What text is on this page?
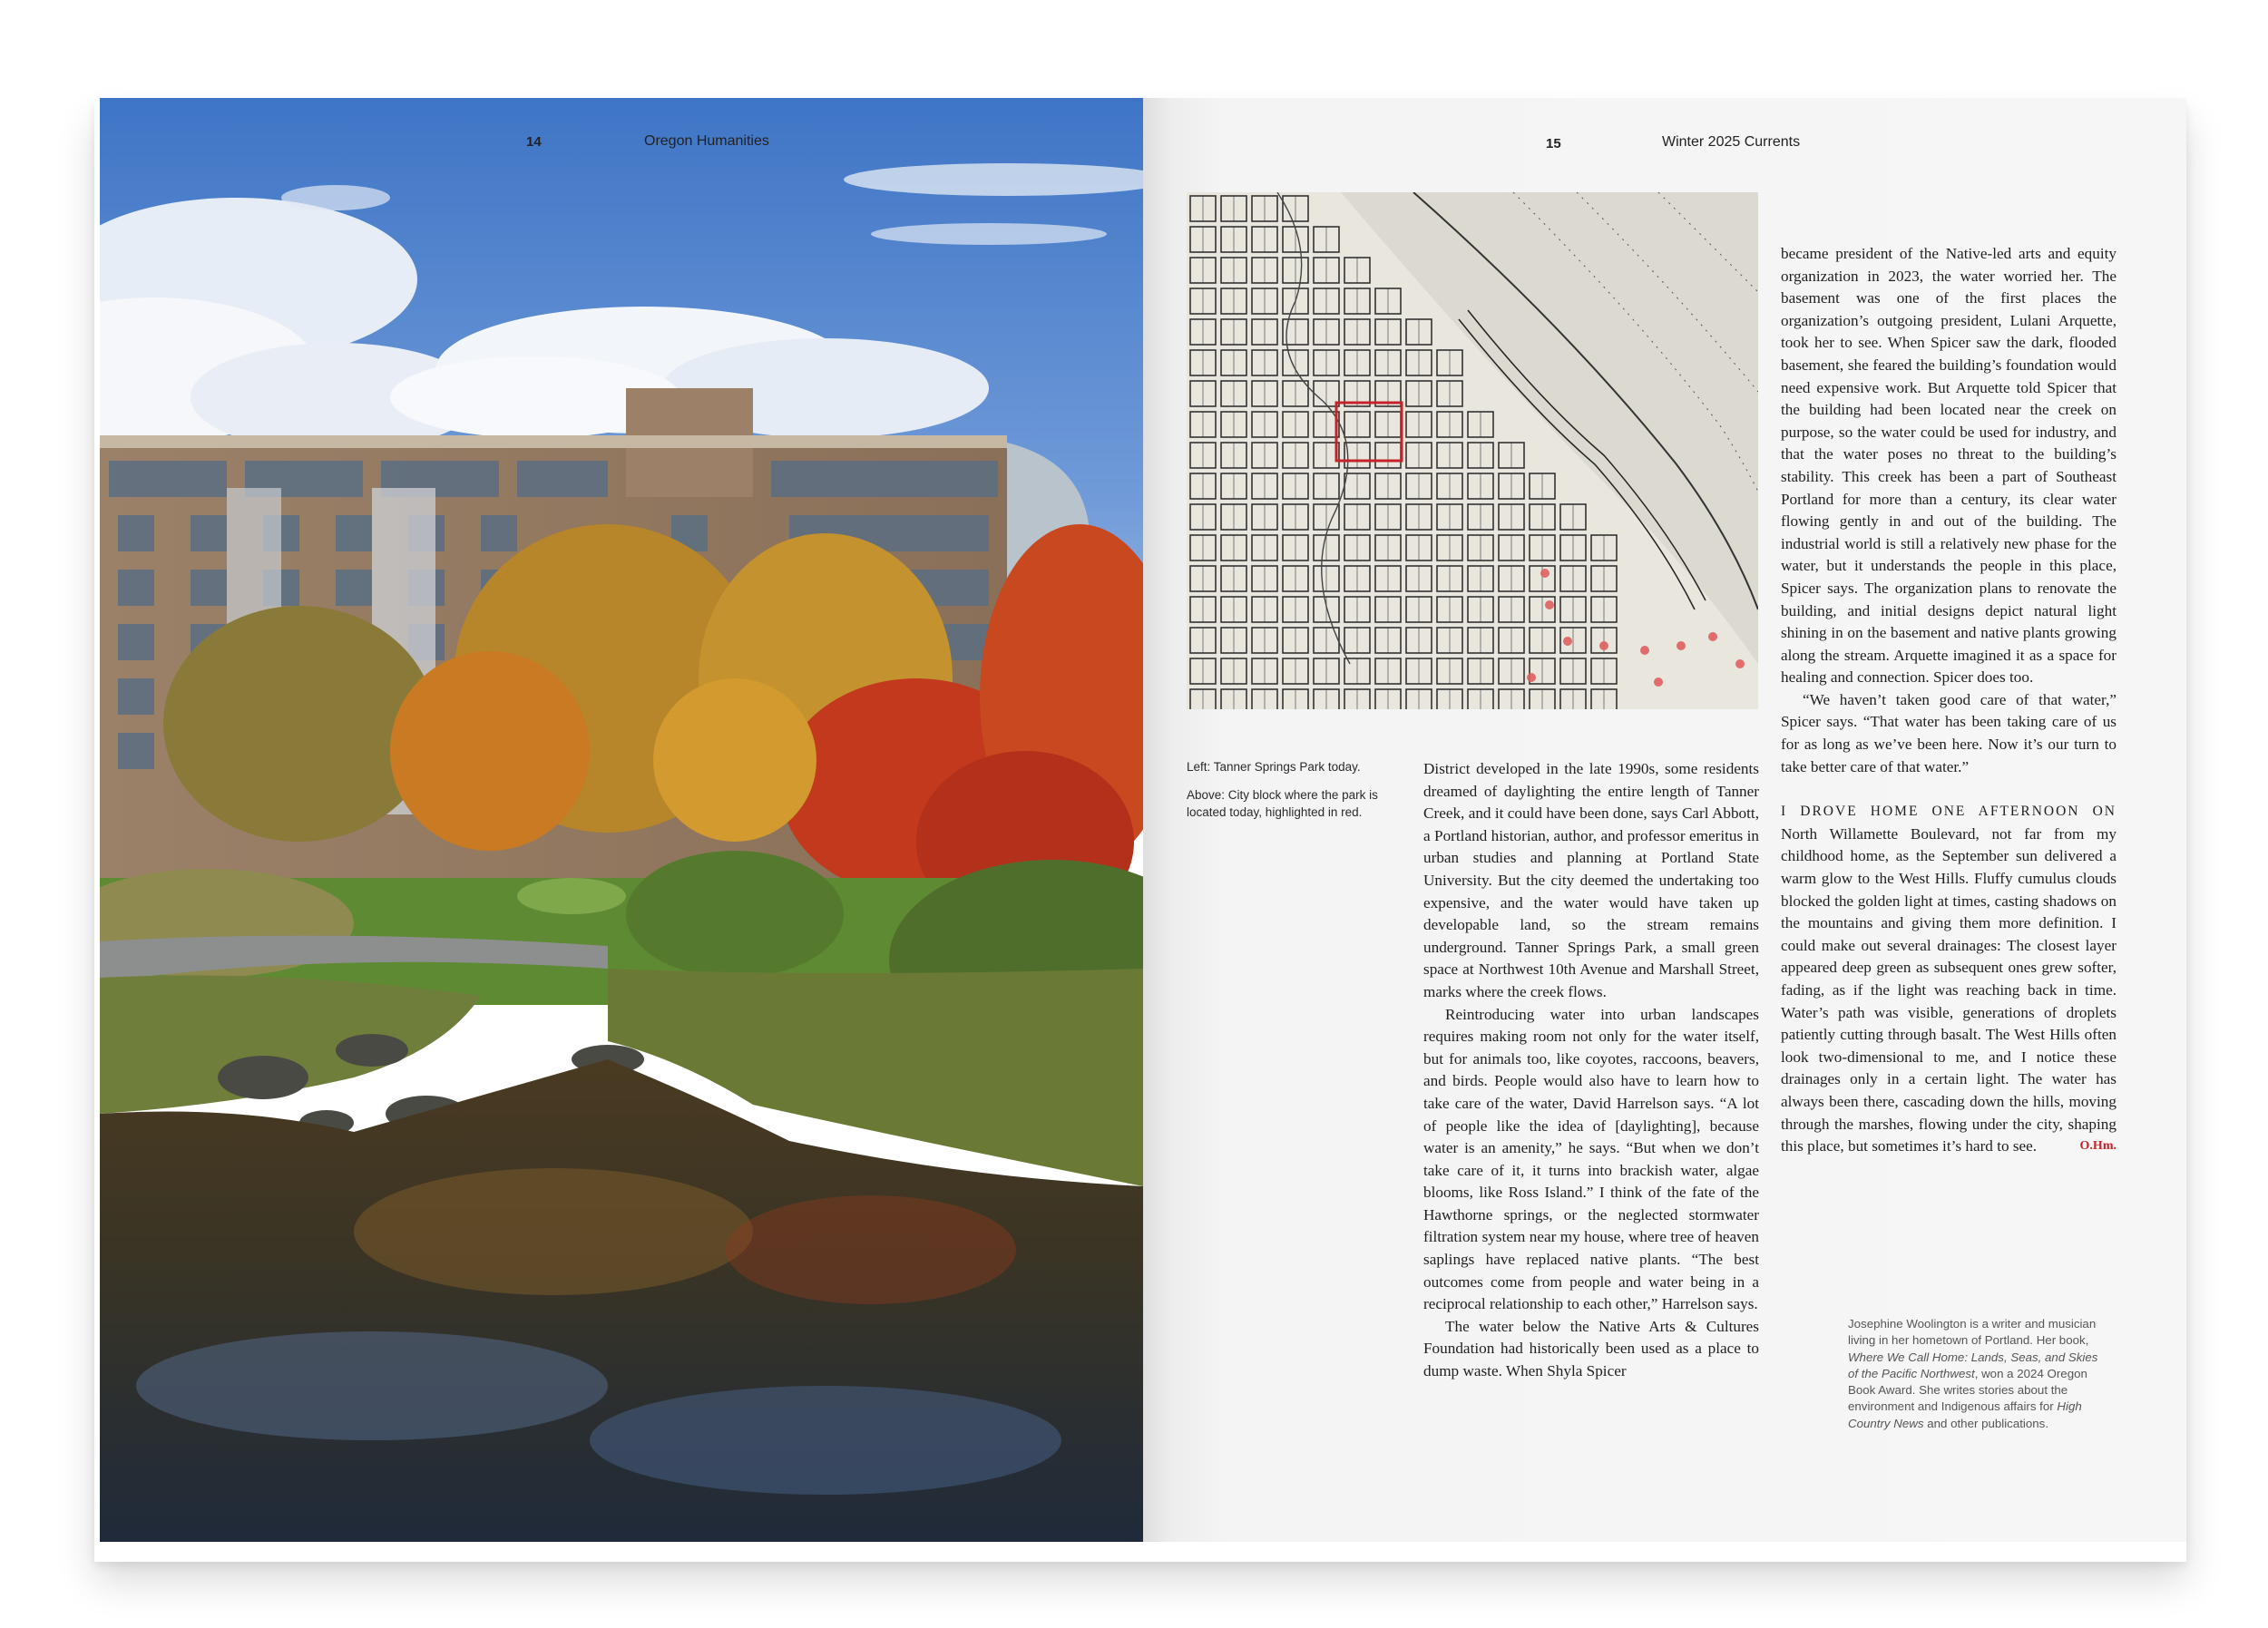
14	Oregon Humanities	15	Winter 2025 Currents

Left: Tanner Springs Park today.

Above: City block where the park is located today, highlighted in red.

District developed in the late 1990s, some residents dreamed of daylighting the entire length of Tanner Creek, and it could have been done, says Carl Abbott, a Portland historian, author, and professor emeritus in urban studies and planning at Portland State University. But the city deemed the undertaking too expensive, and the water would have taken up developable land, so the stream remains underground. Tanner Springs Park, a small green space at Northwest 10th Avenue and Marshall Street, marks where the creek flows.

Reintroducing water into urban landscapes requires making room not only for the water itself, but for animals too, like coyotes, raccoons, beavers, and birds. People would also have to learn how to take care of the water, David Harrelson says. “A lot of people like the idea of [daylighting], because water is an amenity,” he says. “But when we don’t take care of it, it turns into brackish water, algae blooms, like Ross Island.” I think of the fate of the Hawthorne springs, or the neglected stormwater filtration system near my house, where tree of heaven saplings have replaced native plants. “The best outcomes come from people and water being in a reciprocal relationship to each other,” Harrelson says.

The water below the Native Arts & Cultures Foundation had historically been used as a place to dump waste. When Shyla Spicer

became president of the Native-led arts and equity organization in 2023, the water worried her. The basement was one of the first places the organization’s outgoing president, Lulani Arquette, took her to see. When Spicer saw the dark, flooded basement, she feared the building’s foundation would need expensive work. But Arquette told Spicer that the building had been located near the creek on purpose, so the water could be used for industry, and that the water poses no threat to the building’s stability. This creek has been a part of Southeast Portland for more than a century, its clear water flowing gently in and out of the building. The industrial world is still a relatively new phase for the water, but it understands the people in this place, Spicer says. The organization plans to renovate the building, and initial designs depict natural light shining in on the basement and native plants growing along the stream. Arquette imagined it as a space for healing and connection. Spicer does too.

“We haven’t taken good care of that water,” Spicer says. “That water has been taking care of us for as long as we’ve been here. Now it’s our turn to take better care of that water.”

I DROVE HOME ONE AFTERNOON ON North Willamette Boulevard, not far from my childhood home, as the September sun delivered a warm glow to the West Hills. Fluffy cumulus clouds blocked the golden light at times, casting shadows on the mountains and giving them more definition. I could make out several drainages: The closest layer appeared deep green as subsequent ones grew softer, fading, as if the light was reaching back in time. Water’s path was visible, generations of droplets patiently cutting through basalt. The West Hills often look two-dimensional to me, and I notice these drainages only in a certain light. The water has always been there, cascading down the hills, moving through the marshes, flowing under the city, shaping this place, but sometimes it’s hard to see.	O.Hm.

Josephine Woolington is a writer and musician living in her hometown of Portland. Her book, Where We Call Home: Lands, Seas, and Skies of the Pacific Northwest, won a 2024 Oregon Book Award. She writes stories about the environment and Indigenous affairs for High Country News and other publications.
